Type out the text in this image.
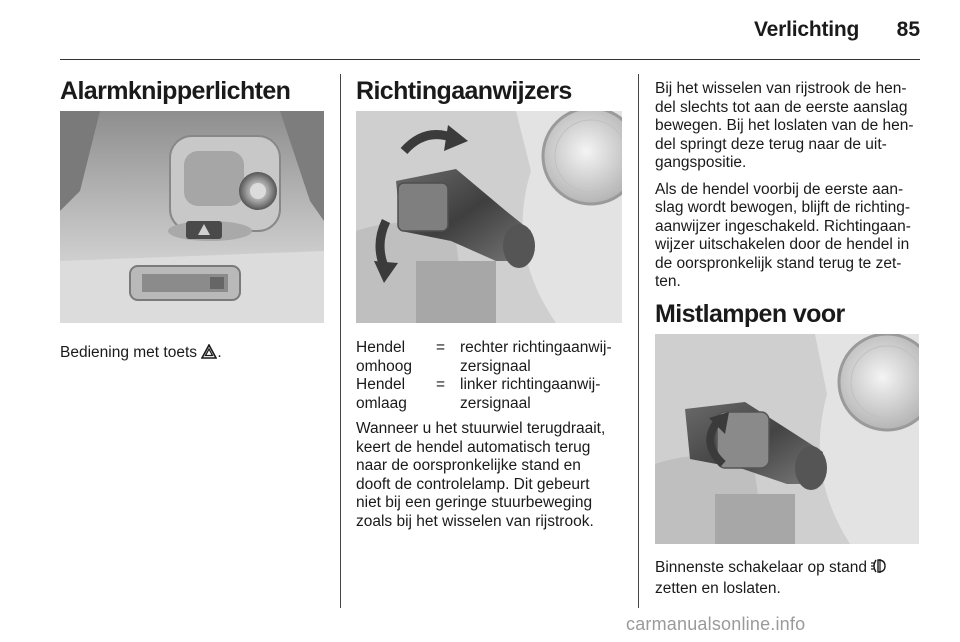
Verlichting	85
Alarmknipperlichten
Bediening met toets .
Richtingaanwijzers
Hendel
omhoog
= rechter richtingaanwij-
zersignaal
Hendel
omlaag
= linker richtingaanwij-
zersignaal
Wanneer u het stuurwiel terugdraait,
keert de hendel automatisch terug
naar de oorspronkelijke stand en
dooft de controlelamp. Dit gebeurt
niet bij een geringe stuurbeweging
zoals bij het wisselen van rijstrook.
Bij het wisselen van rijstrook de hen-
del slechts tot aan de eerste aanslag
bewegen. Bij het loslaten van de hen-
del springt deze terug naar de uit-
gangspositie.
Als de hendel voorbij de eerste aan-
slag wordt bewogen, blijft de richting-
aanwijzer ingeschakeld. Richtingaan-
wijzer uitschakelen door de hendel in
de oorspronkelijk stand terug te zet-
ten.
Mistlampen voor
Binnenste schakelaar op stand
zetten en loslaten.
carmanualsonline.info
